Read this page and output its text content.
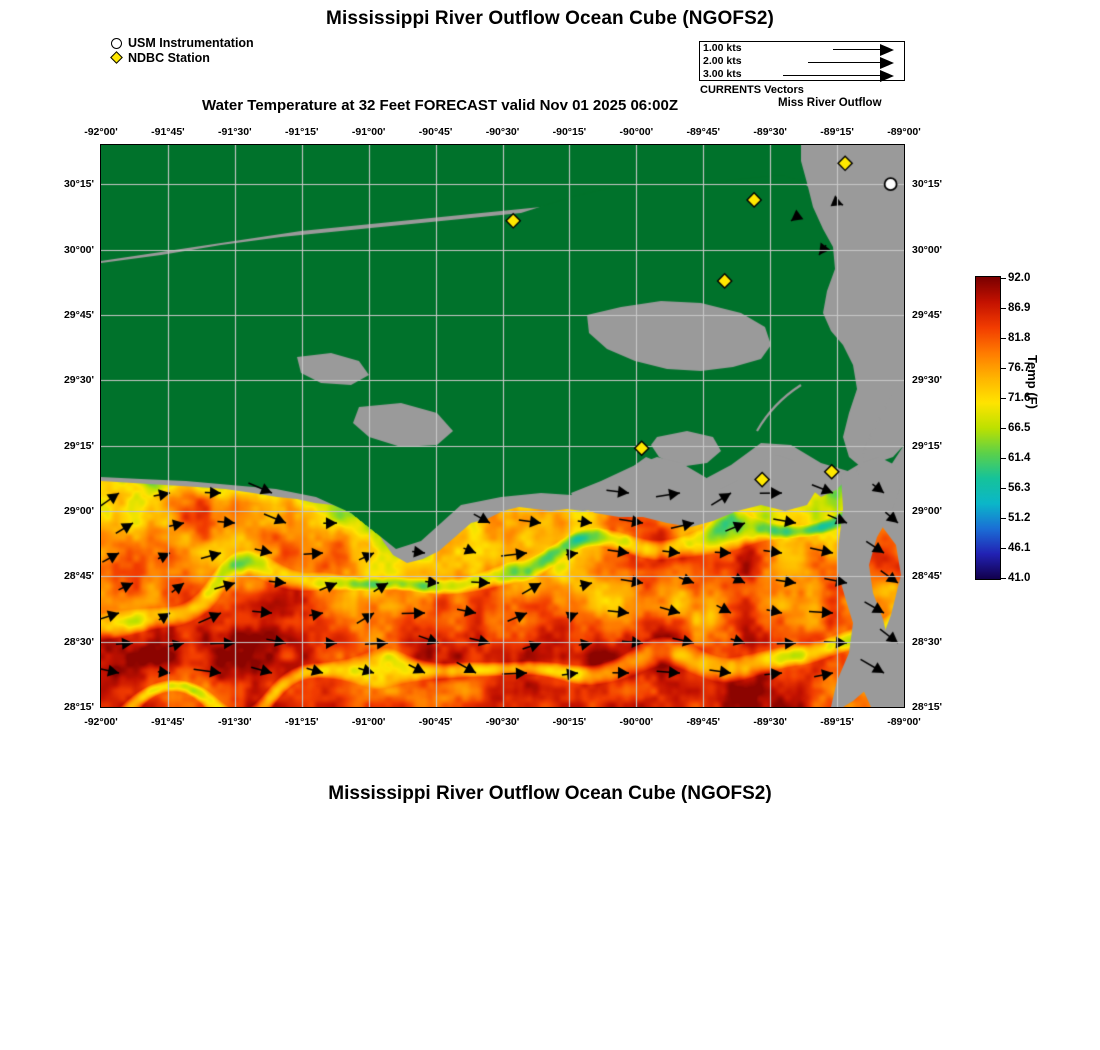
Mississippi River Outflow Ocean Cube (NGOFS2)
Water Temperature at 32 Feet FORECAST valid Nov 01 2025 06:00Z	Miss River Outflow
Mississippi River Outflow Ocean Cube (NGOFS2)
USM Instrumentation
NDBC Station
1.00 kts
2.00 kts
3.00 kts
CURRENTS Vectors
-92°00'
-92°00'
-91°45'
-91°45'
-91°30'
-91°30'
-91°15'
-91°15'
-91°00'
-91°00'
-90°45'
-90°45'
-90°30'
-90°30'
-90°15'
-90°15'
-90°00'
-90°00'
-89°45'
-89°45'
-89°30'
-89°30'
-89°15'
-89°15'
-89°00'
-89°00'
30°15'	30°15'
30°00'	30°00'
29°45'	29°45'
29°30'	29°30'
29°15'	29°15'
29°00'	29°00'
28°45'	28°45'
28°30'	28°30'
28°15'	28°15'
92.0
86.9
81.8
76.7
71.6
66.5
61.4
56.3
51.2
46.1
41.0
Temp (F)
